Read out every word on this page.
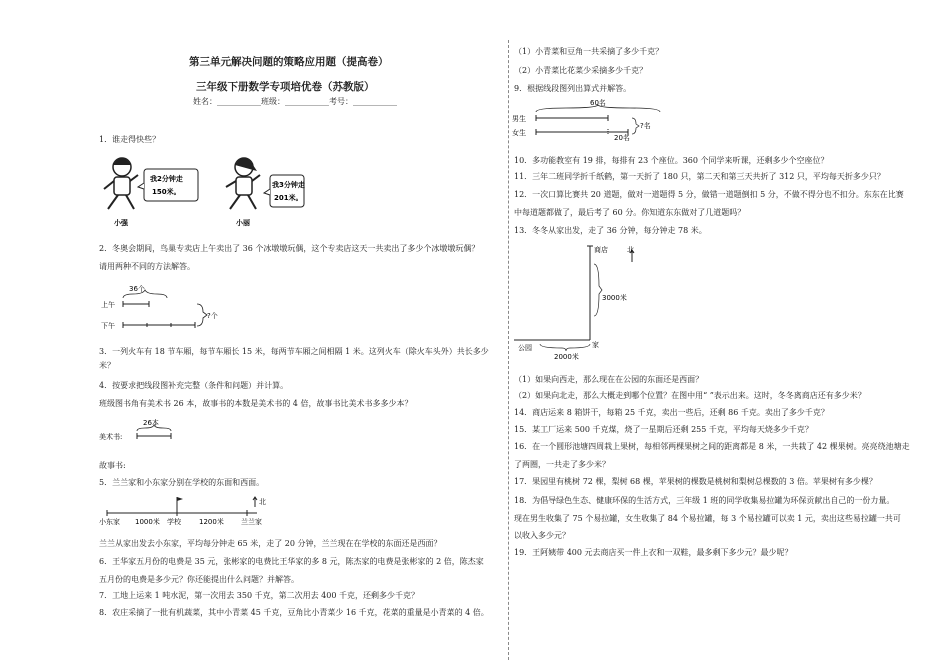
第三单元解决问题的策略应用题（提高卷）
三年级下册数学专项培优卷（苏教版）
姓名：___________班级：___________考号：___________
1．谁走得快些？
我2分钟走
150米。
小强
我3分钟走
201米。
小丽
2．冬奥会期间，鸟巢专卖店上午卖出了 36 个冰墩墩玩偶，这个专卖店这天一共卖出了多少个冰墩墩玩偶？
请用两种不同的方法解答。
36个
上午
下午
?个
3．一列火车有 18 节车厢，每节车厢长 15 米，每两节车厢之间相隔 1 米。这列火车（除火车头外）共长多少
米？
4．按要求把线段图补充完整（条件和问题）并计算。
班级图书角有美术书 26 本，故事书的本数是美术书的 4 倍，故事书比美术书多多少本？
26本
美术书:
故事书:
5．兰兰家和小东家分别在学校的东面和西面。
北
小东家 1000米 学校	1200米 兰兰家
兰兰从家出发去小东家，平均每分钟走 65 米，走了 20 分钟，兰兰现在在学校的东面还是西面？
6．王华家五月份的电费是 35 元，张彬家的电费比王华家的多 8 元，陈杰家的电费是张彬家的 2 倍，陈杰家
五月份的电费是多少元？你还能提出什么问题？并解答。
7．工地上运来 1 吨水泥，第一次用去 350 千克，第二次用去 400 千克，还剩多少千克？
8．农庄采摘了一批有机蔬菜，其中小青菜 45 千克，豆角比小青菜少 16 千克，花菜的重量是小青菜的 4 倍。
（1）小青菜和豆角一共采摘了多少千克？
（2）小青菜比花菜少采摘多少千克？
9．根据线段图列出算式并解答。
60名
男生
女生
20名
?名
10．多功能教室有 19 排，每排有 23 个座位。360 个同学来听课，还剩多少个空座位？
11．三年二班同学折千纸鹤，第一天折了 180 只，第二天和第三天共折了 312 只，平均每天折多少只？
12．一次口算比赛共 20 道题，做对一道题得 5 分，做错一道题倒扣 5 分，不做不得分也不扣分。东东在比赛
中每道题都做了，最后考了 60 分。你知道东东做对了几道题吗？
13．冬冬从家出发，走了 36 分钟，每分钟走 78 米。
商店	北
3000米
公园	家
2000米
（1）如果向西走，那么现在在公园的东面还是西面？
（2）如果向北走，那么大概走到哪个位置？在图中用“ ”表示出来。这时，冬冬离商店还有多少米？
14．商店运来 8 箱饼干，每箱 25 千克，卖出一些后，还剩 86 千克。卖出了多少千克？
15．某工厂运来 500 千克煤，烧了一星期后还剩 255 千克，平均每天烧多少千克？
16．在一个圆形池塘四周栽上果树，每相邻两棵果树之间的距离都是 8 米，一共栽了 42 棵果树。亮亮绕池塘走
了两圈，一共走了多少米？
17．果园里有桃树 72 棵，梨树 68 棵，苹果树的棵数是桃树和梨树总棵数的 3 倍。苹果树有多少棵？
18．为倡导绿色生态、健康环保的生活方式，三年级 1 班的同学收集易拉罐为环保贡献出自己的一份力量。
现在男生收集了 75 个易拉罐，女生收集了 84 个易拉罐，每 3 个易拉罐可以卖 1 元，卖出这些易拉罐一共可
以收入多少元？
19．王阿姨带 400 元去商店买一件上衣和一双鞋，最多剩下多少元？最少呢？
